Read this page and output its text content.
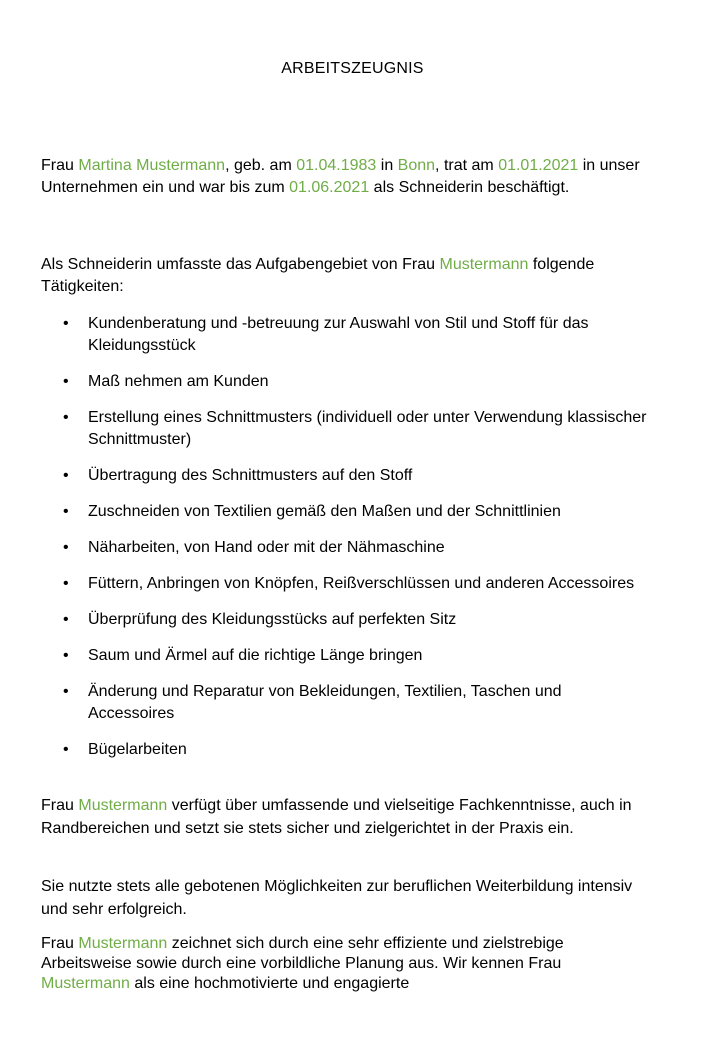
ARBEITSZEUGNIS

Frau Martina Mustermann, geb. am 01.04.1983 in Bonn, trat am 01.01.2021 in unser Unternehmen ein und war bis zum 01.06.2021 als Schneiderin beschäftigt.

Als Schneiderin umfasste das Aufgabengebiet von Frau Mustermann folgende Tätigkeiten:

• Kundenberatung und -betreuung zur Auswahl von Stil und Stoff für das Kleidungsstück
• Maß nehmen am Kunden
• Erstellung eines Schnittmusters (individuell oder unter Verwendung klassischer Schnittmuster)
• Übertragung des Schnittmusters auf den Stoff
• Zuschneiden von Textilien gemäß den Maßen und der Schnittlinien
• Näharbeiten, von Hand oder mit der Nähmaschine
• Füttern, Anbringen von Knöpfen, Reißverschlüssen und anderen Accessoires
• Überprüfung des Kleidungsstücks auf perfekten Sitz
• Saum und Ärmel auf die richtige Länge bringen
• Änderung und Reparatur von Bekleidungen, Textilien, Taschen und Accessoires
• Bügelarbeiten

Frau Mustermann verfügt über umfassende und vielseitige Fachkenntnisse, auch in Randbereichen und setzt sie stets sicher und zielgerichtet in der Praxis ein.

Sie nutzte stets alle gebotenen Möglichkeiten zur beruflichen Weiterbildung intensiv und sehr erfolgreich.

Frau Mustermann zeichnet sich durch eine sehr effiziente und zielstrebige Arbeitsweise sowie durch eine vorbildliche Planung aus. Wir kennen Frau Mustermann als eine hochmotivierte und engagierte
